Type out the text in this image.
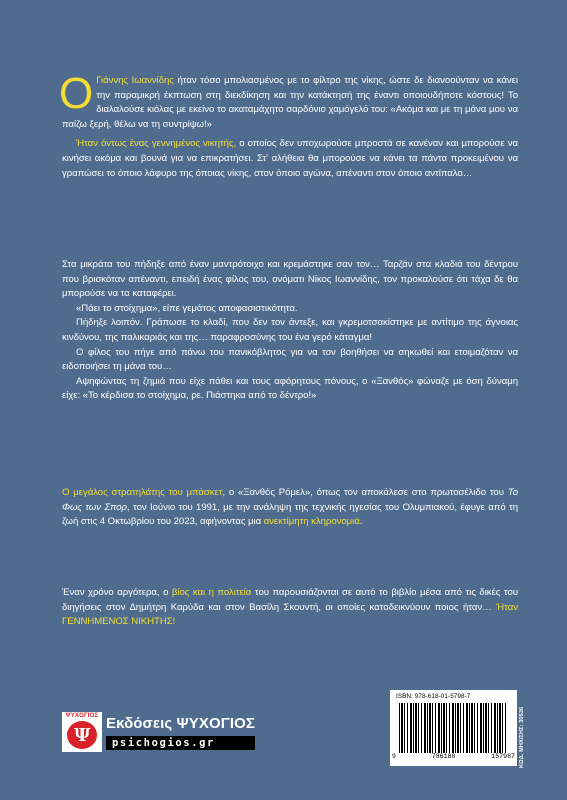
O Γιάννης Ιωαννίδης ήταν τόσο μπολιασμένος με το φίλτρο της νίκης, ώστε δε διανοούνταν να κάνει την παραμικρή έκπτωση στη διεκδίκηση και την κατάκτησή της έναντι οποιουδήποτε κόστους! Το διαλαλούσε κιόλας με εκείνο το ακαταμάχητο σαρδόνιο χαμόγελό του: «Ακόμα και με τη μάνα μου να παίζω ξερή, θέλω να τη συντρίψω!»

Ήταν όντως ένας γεννημένος νικητής, ο οποίος δεν υποχωρούσε μπροστά σε κανέναν και μπορούσε να κινήσει ακόμα και βουνά για να επικρατήσει. Στ' αλήθεια θα μπορούσε να κάνει τα πάντα προκειμένου να γραπώσει το όποιο λάφυρο της όποιας νίκης, στον όποιο αγώνα, απέναντι στον όποιο αντίπαλο…

Στα μικράτα του πήδηξε από έναν μαντρότοιχο και κρεμάστηκε σαν τον… Ταρζάν στα κλαδιά του δέντρου που βρισκόταν απέναντι, επειδή ένας φίλος του, ονόματι Νίκος Ιωαννίδης, τον προκαλούσε ότι τάχα δε θα μπορούσε να τα καταφέρει.

«Πάει το στοίχημα», είπε γεμάτος αποφασιστικότητα.

Πήδηξε λοιπόν. Γράπωσε το κλαδί, που δεν τον άντεξε, και γκρεμοτσακίστηκε με αντίτιμο της άγνοιας κινδύνου, της παλικαριάς και της… παραφροσύνης του ένα γερό κάταγμα!

Ο φίλος του πήγε από πάνω του πανικόβλητος για να τον βοηθήσει να σηκωθεί και ετοιμαζόταν να ειδοποιήσει τη μάνα του…

Αψηφώντας τη ζημιά που είχε πάθει και τους αφόρητους πόνους, ο «Ξανθός» φώναζε με όση δύναμη είχε: «Το κέρδισα το στοίχημα, ρε. Πιάστηκα από το δέντρο!»

Ο μεγάλος στρατηλάτης του μπάσκετ, ο «Ξανθός Ρόμελ», όπως τον αποκάλεσε στο πρωτοσέλιδο του Το Φως των Σπορ, τον Ιούνιο του 1991, με την ανάληψη της τεχνικής ηγεσίας του Ολυμπιακού, έφυγε από τη ζωή στις 4 Οκτωβρίου του 2023, αφήνοντας μια ανεκτίμητη κληρονομιά.

Έναν χρόνο αργότερα, ο βίος και η πολιτεία του παρουσιάζονται σε αυτό το βιβλίο μέσα από τις δικές του διηγήσεις στον Δημήτρη Καρύδα και στον Βασίλη Σκουντή, οι οποίες καταδεικνύουν ποιος ήταν… Ήταν ΓΕΝΝΗΜΕΝΟΣ ΝΙΚΗΤΗΣ!

ΨΥΧΟΓΙΟΣ
Ψ
Εκδόσεις ΨΥΧΟΓΙΟΣ
psichogios.gr
ISBN: 978-618-01-5798-7
9	786180	157987 ΚΩΔ. ΜΗΧ/ΣΗΣ: 30536
